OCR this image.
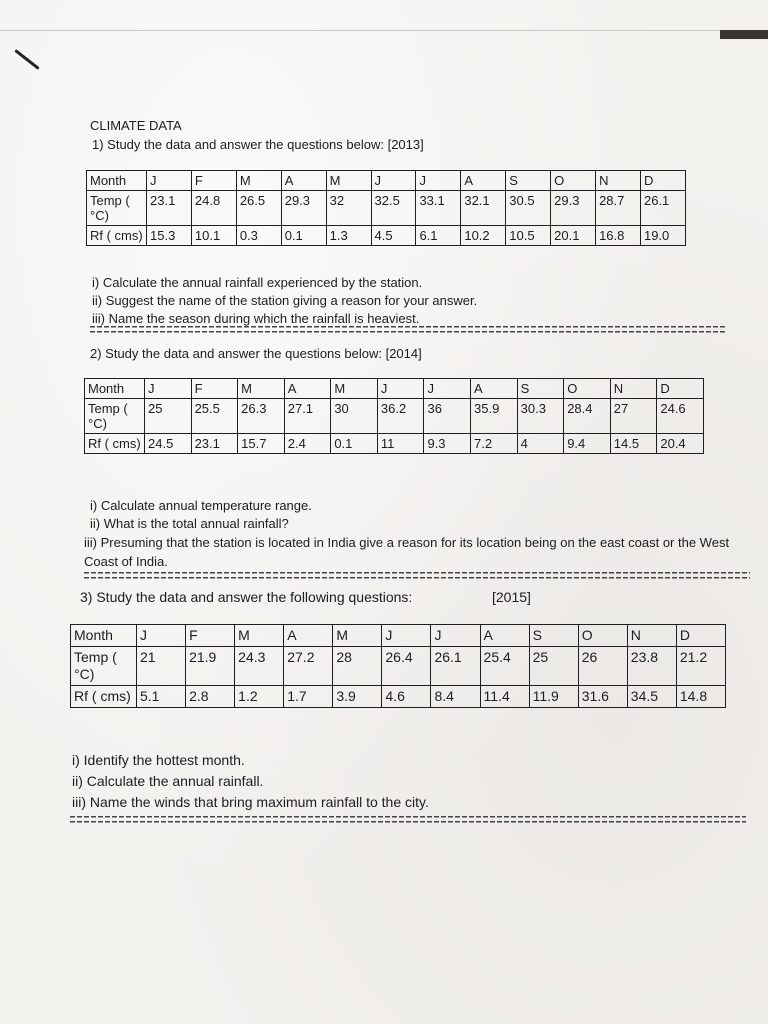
CLIMATE DATA
1) Study the data and answer the questions below: [2013]
Month	J	F	M	A	M	J	J	A	S	O	N	D
Temp ( °C)	23.1	24.8	26.5	29.3	32	32.5	33.1	32.1	30.5	29.3	28.7	26.1
Rf ( cms)	15.3	10.1	0.3	0.1	1.3	4.5	6.1	10.2	10.5	20.1	16.8	19.0
i) Calculate the annual rainfall experienced by the station.
ii) Suggest the name of the station giving a reason for your answer.
iii) Name the season during which the rainfall is heaviest.
2) Study the data and answer the questions below: [2014]
Month	J	F	M	A	M	J	J	A	S	O	N	D
Temp ( °C)	25	25.5	26.3	27.1	30	36.2	36	35.9	30.3	28.4	27	24.6
Rf ( cms)	24.5	23.1	15.7	2.4	0.1	11	9.3	7.2	4	9.4	14.5	20.4
i) Calculate annual temperature range.
ii) What is the total annual rainfall?
iii) Presuming that the station is located in India give a reason for its location being on the east coast or the West Coast of India.
3) Study the data and answer the following questions:	[2015]
Month	J	F	M	A	M	J	J	A	S	O	N	D
Temp ( °C)	21	21.9	24.3	27.2	28	26.4	26.1	25.4	25	26	23.8	21.2
Rf ( cms)	5.1	2.8	1.2	1.7	3.9	4.6	8.4	11.4	11.9	31.6	34.5	14.8
i) Identify the hottest month.
ii) Calculate the annual rainfall.
iii) Name the winds that bring maximum rainfall to the city.
